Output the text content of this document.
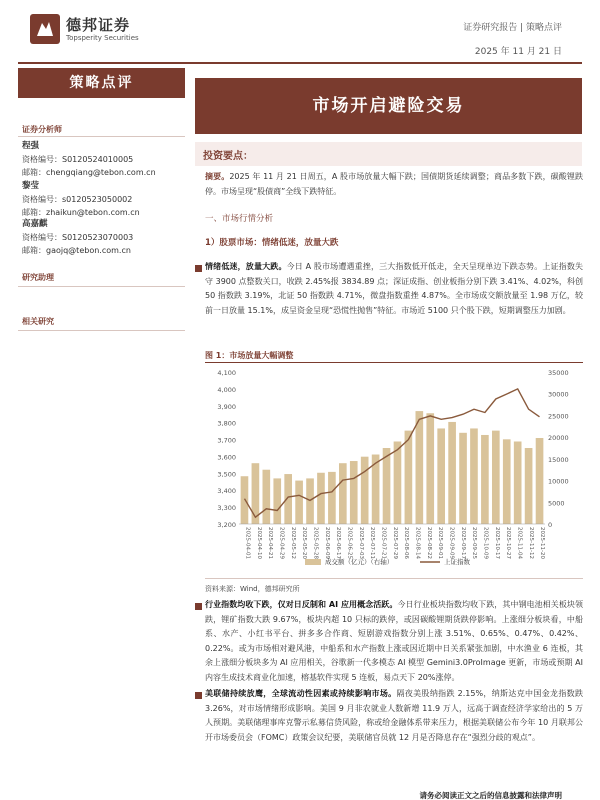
德邦证券
Topsperity Securities
证券研究报告 | 策略点评
2025 年 11 月 21 日
策略点评
证券分析师
程强
资格编号：S0120524010005
邮箱：chengqiang@tebon.com.cn
黎莹
资格编号：s0120523050002
邮箱：zhaikun@tebon.com.cn
高嘉麒
资格编号：S0120523070003
邮箱：gaojq@tebon.com.cn
研究助理
相关研究
市场开启避险交易
投资要点：
摘要。2025 年 11 月 21 日周五，A 股市场放量大幅下跌；国债期货延续调整；商品多数下跌，碳酸锂跌停。市场呈现“股债商”全线下跌特征。
一、市场行情分析
1）股票市场：情绪低迷，放量大跌
情绪低迷，放量大跌。今日 A 股市场遭遇重挫，三大指数低开低走，全天呈现单边下跌态势。上证指数失守 3900 点整数关口，收跌 2.45%报 3834.89 点；深证成指、创业板指分别下跌 3.41%、4.02%，科创 50 指数跌 3.19%，北证 50 指数跌 4.71%，微盘指数重挫 4.87%。全市场成交额放量至 1.98 万亿，较前一日放量 15.1%，成呈资金呈现“恐慌性抛售”特征。市场近 5100 只个股下跌，短期调整压力加剧。
图 1：市场放量大幅调整
4,100
4,000
3,900
3,800
3,700
3,600
3,500
3,400
3,300
3,200
35000
30000
25000
20000
15000
10000
5000
0
2025-04-01 2025-04-10 2025-04-21 2025-04-29 2025-05-12 2025-05-20 2025-05-28 2025-06-09 2025-06-17 2025-06-25 2025-07-03 2025-07-11 2025-07-21 2025-07-29 2025-08-06 2025-08-14 2025-08-22 2025-09-01 2025-09-09 2025-09-17 2025-09-25 2025-10-09 2025-10-17 2025-10-27 2025-11-04 2025-11-12 2025-11-20
成交额（亿元）（右轴）	上证指数
资料来源：Wind，德邦研究所
行业指数均收下跌，仅对日反制和 AI 应用概念活跃。今日行业板块指数均收下跌，其中钢电池相关板块领跌，锂矿指数大跌 9.67%，板块内超 10 只标的跌停，或因碳酸锂期货跌停影响。上涨细分板块看，中船系、水产、小红书平台、拼多多合作商、短剧游戏指数分别上涨 3.51%、0.65%、0.47%、0.42%、0.22%。或为市场相对避风港，中船系和水产指数上涨或因近期中日关系紧张加剧，中水渔业 6 连板，其余上涨细分板块多为 AI 应用相关，谷歌新一代多模态 AI 模型 Gemini3.0ProImage 更新，市场或预期 AI 内容生成技术商业化加速，榕基软件实现 5 连板，易点天下 20%涨停。
美联储持续放鹰，全球流动性因素或持续影响市场。隔夜美股纳指跌 2.15%，纳斯达克中国金龙指数跌 3.26%，对市场情绪形成影响。美国 9 月非农就业人数新增 11.9 万人，远高于调查经济学家给出的 5 万人预期。美联储理事库克警示私募信贷风险，称或给金融体系带来压力，根据美联储公布今年 10 月联邦公开市场委员会（FOMC）政策会议纪要，美联储官员就 12 月是否降息存在“强烈分歧的观点”。
请务必阅读正文之后的信息披露和法律声明
